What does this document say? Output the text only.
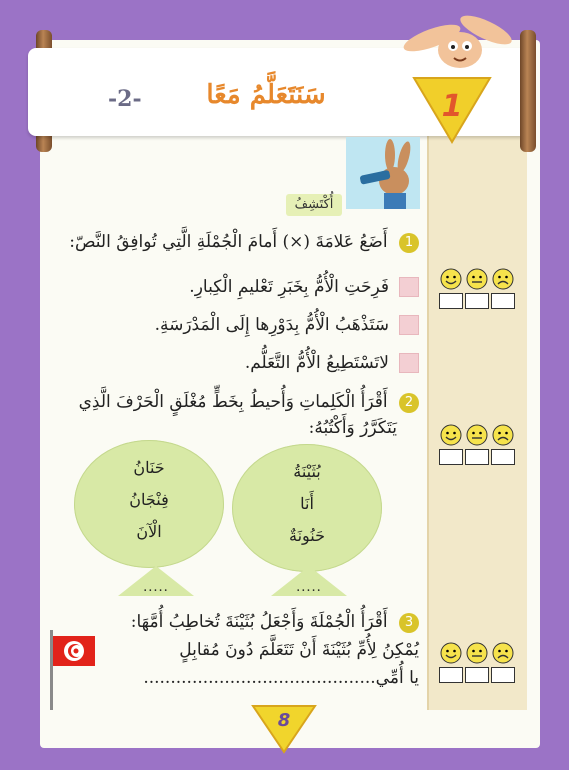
سَنَتَعَلَّمُ مَعًا
-2-	1
أُكْتَشِفُ
1 أَضَعُ عَلامَةَ (×) أَمامَ الْجُمْلَةِ الَّتِي تُوافِقُ النَّصّ:
فَرِحَتِ الْأُمُّ بِخَبَرِ تَعْليمِ الْكِبارِ.
سَتَذْهَبُ الْأُمُّ بِدَوْرِها إِلَى الْمَدْرَسَةِ.
لاتَسْتَطِيعُ الْأُمُّ التَّعَلُّم.
2 أَقْرَأُ الْكَلِماتِ وَأُحيطُ بِخَطٍّ مُغْلَقٍ الْحَرْفَ الَّذِي
يَتَكَرَّرُ وَأَكْتُبُهُ:
بُثَيْنَةُ
أَنَا
حَنُونَةٌ
حَنَانُ
فِنْجَانُ
الْآنَ
.....	.....
3 أَقْرَأُ الْجُمْلَةَ وَأَجْعَلُ بُثَيْنَةَ تُخاطِبُ أُمَّهَا:
يُمْكِنُ لِأُمِّ بُثَيْنَةَ أَنْ تَتَعَلَّمَ دُونَ مُقابِلٍ
يا أُمِّي...........................................
8
